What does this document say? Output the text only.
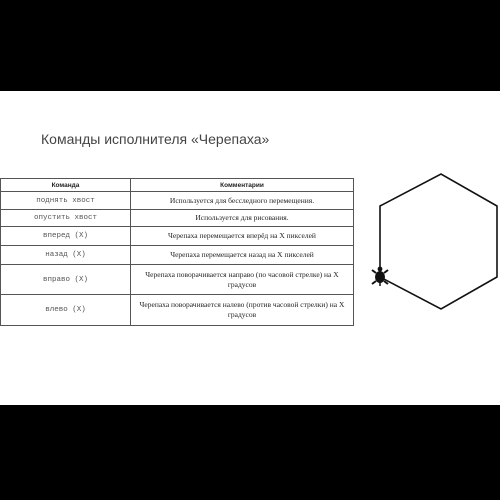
Команды исполнителя «Черепаха»
Команда	Комментарии
поднять хвост	Используется для бесследного перемещения.
опустить хвост	Используется для рисования.
вперед (X)	Черепаха перемещается вперёд на X пикселей
назад (X)	Черепаха перемещается назад на X пикселей
вправо (X)	Черепаха поворачивается направо (по часовой стрелке) на X градусов
влево (X)	Черепаха поворачивается налево (против часовой стрелки) на X градусов
